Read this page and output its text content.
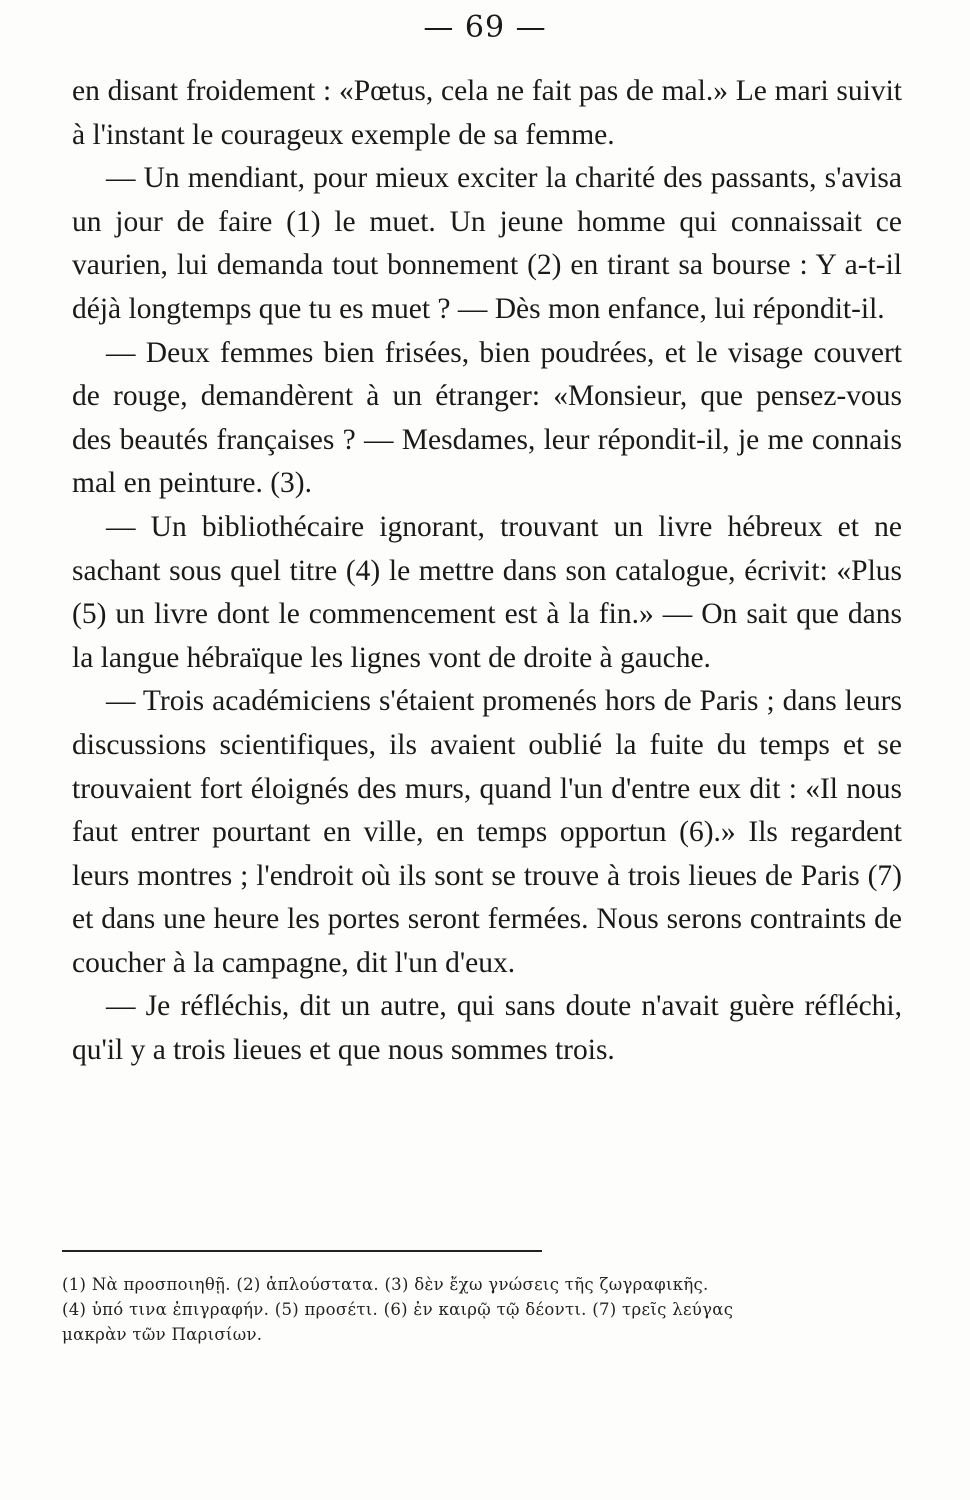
— 69 —

en disant froidement : «Pœtus, cela ne fait pas de mal.» Le mari suivit à l'instant le courageux exemple de sa femme.

— Un mendiant, pour mieux exciter la charité des passants, s'avisa un jour de faire (1) le muet. Un jeune homme qui connaissait ce vaurien, lui demanda tout bonnement (2) en tirant sa bourse : Y a-t-il déjà longtemps que tu es muet ? — Dès mon enfance, lui répondit-il.

— Deux femmes bien frisées, bien poudrées, et le visage couvert de rouge, demandèrent à un étranger: «Monsieur, que pensez-vous des beautés françaises ? — Mesdames, leur répondit-il, je me connais mal en peinture. (3).

— Un bibliothécaire ignorant, trouvant un livre hébreux et ne sachant sous quel titre (4) le mettre dans son catalogue, écrivit: «Plus (5) un livre dont le commencement est à la fin.» — On sait que dans la langue hébraïque les lignes vont de droite à gauche.

— Trois académiciens s'étaient promenés hors de Paris ; dans leurs discussions scientifiques, ils avaient oublié la fuite du temps et se trouvaient fort éloignés des murs, quand l'un d'entre eux dit : «Il nous faut entrer pourtant en ville, en temps opportun (6).» Ils regardent leurs montres ; l'endroit où ils sont se trouve à trois lieues de Paris (7) et dans une heure les portes seront fermées. Nous serons contraints de coucher à la campagne, dit l'un d'eux.

— Je réfléchis, dit un autre, qui sans doute n'avait guère réfléchi, qu'il y a trois lieues et que nous sommes trois.

(1) Νὰ προσποιηθῇ. (2) ἁπλούστατα. (3) δὲν ἔχω γνώσεις τῆς ζωγραφικῆς.

(4) ὑπό τινα ἐπιγραφήν. (5) προσέτι. (6) ἐν καιρῷ τῷ δέοντι. (7) τρεῖς λεύγας

μακρὰν τῶν Παρισίων.
